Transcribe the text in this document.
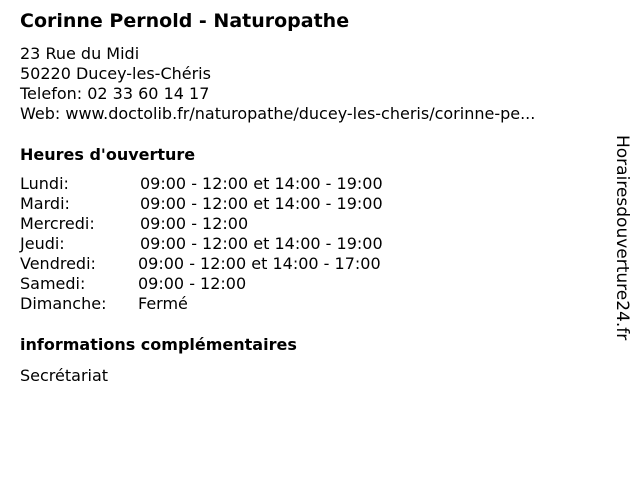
Corinne Pernold - Naturopathe
23 Rue du Midi
50220 Ducey-les-Chéris
Telefon: 02 33 60 14 17
Web: www.doctolib.fr/naturopathe/ducey-les-cheris/corinne-pe...
Heures d'ouverture
Lundi:	09:00 - 12:00 et 14:00 - 19:00
Mardi:	09:00 - 12:00 et 14:00 - 19:00
Mercredi:	09:00 - 12:00
Jeudi:	09:00 - 12:00 et 14:00 - 19:00
Vendredi:	09:00 - 12:00 et 14:00 - 17:00
Samedi:	09:00 - 12:00
Dimanche: Fermé
informations complémentaires
Secrétariat
Horairesdouverture24.fr
